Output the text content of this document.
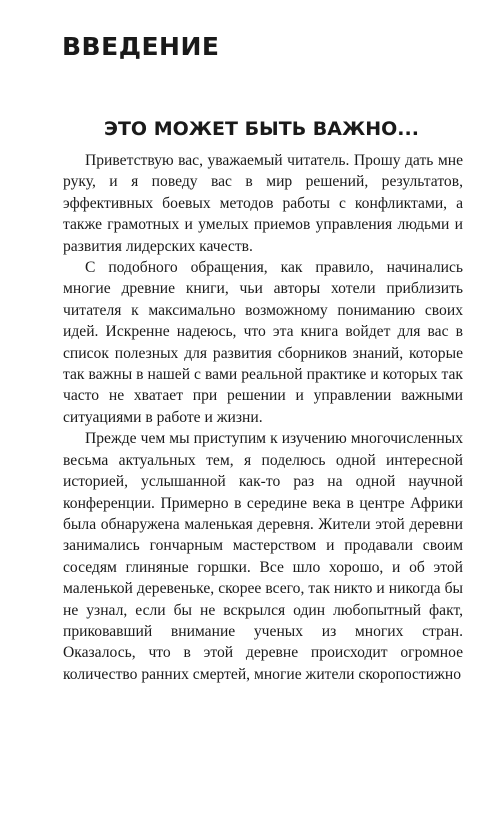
ВВЕДЕНИЕ
ЭТО МОЖЕТ БЫТЬ ВАЖНО...

Приветствую вас, уважаемый читатель. Прошу дать мне руку, и я поведу вас в мир решений, результатов, эффективных боевых методов работы с конфликтами, а также грамотных и умелых приемов управления людьми и развития лидерских качеств.

С подобного обращения, как правило, начинались многие древние книги, чьи авторы хотели приблизить читателя к максимально возможному пониманию своих идей. Искренне надеюсь, что эта книга войдет для вас в список полезных для развития сборников знаний, которые так важны в нашей с вами реальной практике и которых так часто не хватает при решении и управлении важными ситуациями в работе и жизни.

Прежде чем мы приступим к изучению многочисленных весьма актуальных тем, я поделюсь одной интересной историей, услышанной как-то раз на одной научной конференции. Примерно в середине века в центре Африки была обнаружена маленькая деревня. Жители этой деревни занимались гончарным мастерством и продавали своим соседям глиняные горшки. Все шло хорошо, и об этой маленькой деревеньке, скорее всего, так никто и никогда бы не узнал, если бы не вскрылся один любопытный факт, приковавший внимание ученых из многих стран. Оказалось, что в этой деревне происходит огромное количество ранних смертей, многие жители скоропостижно
